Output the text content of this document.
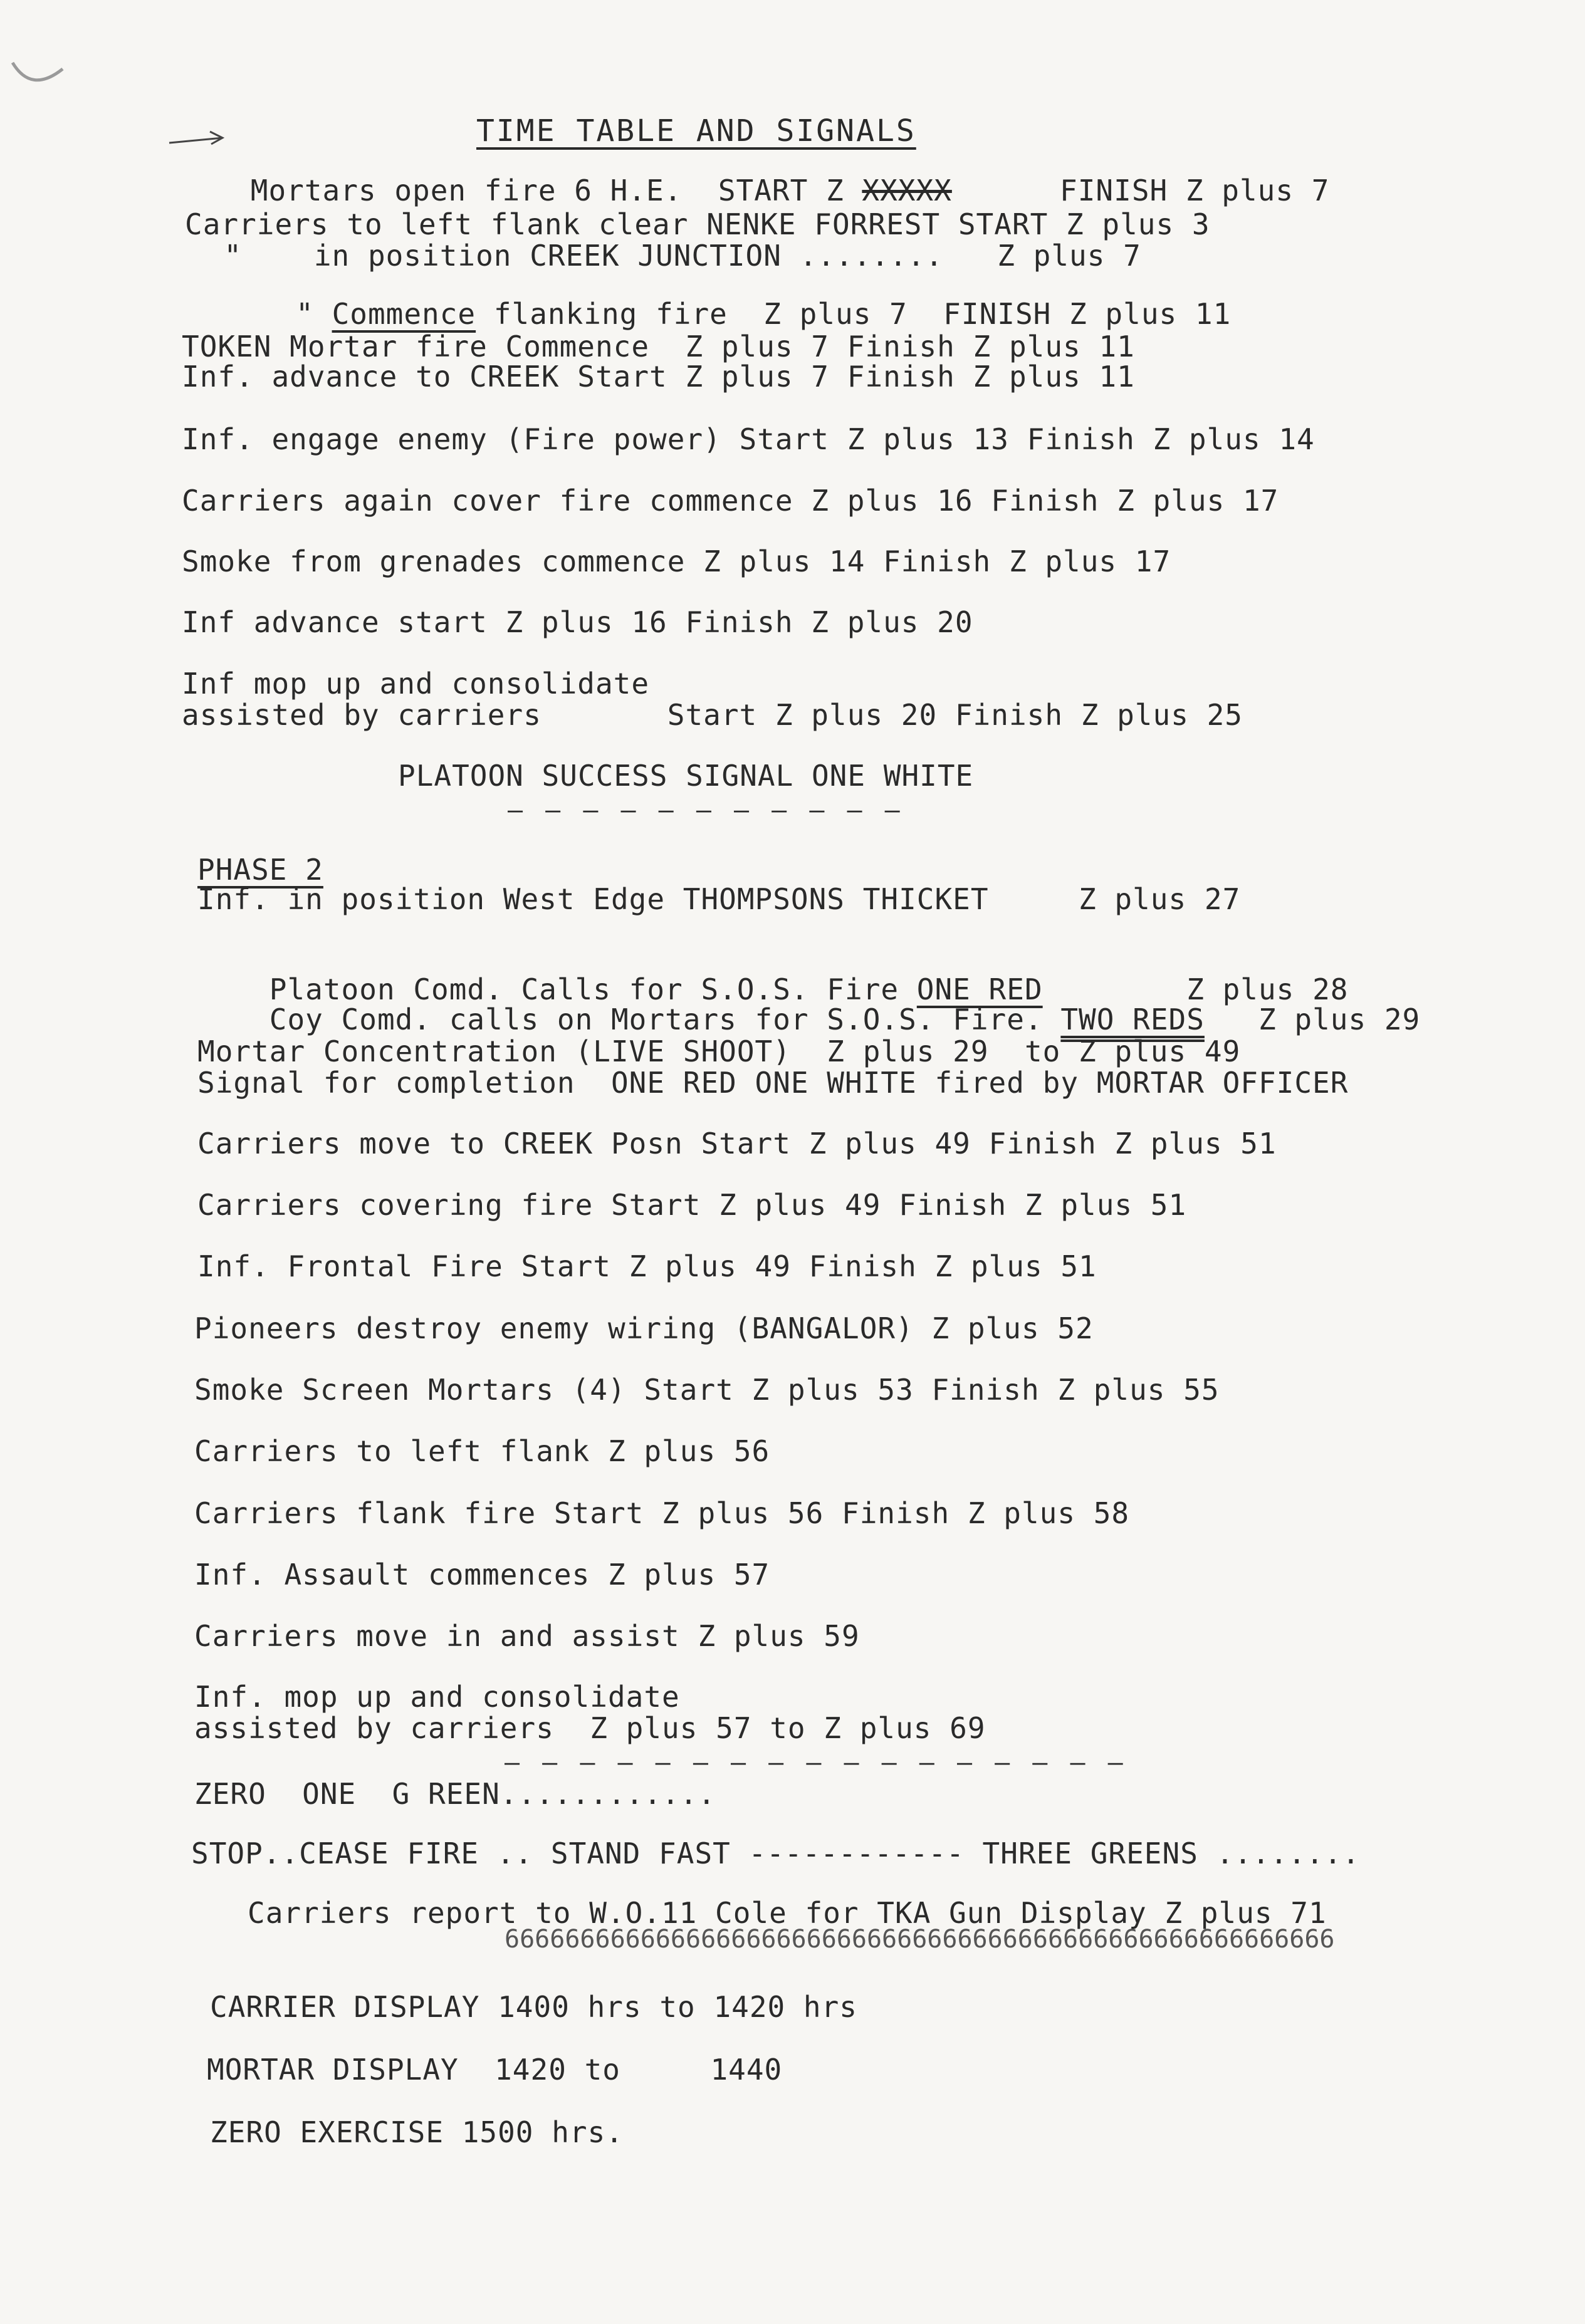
TIME TABLE AND SIGNALS

Mortars open fire 6 H.E.  START Z XXXXX      FINISH Z plus 7

Carriers to left flank clear NENKE FORREST START Z plus 3
"    in position CREEK JUNCTION ........   Z plus 7

" Commence flanking fire  Z plus 7  FINISH Z plus 11

TOKEN Mortar fire Commence  Z plus 7 Finish Z plus 11
Inf. advance to CREEK Start Z plus 7 Finish Z plus 11
Inf. engage enemy (Fire power) Start Z plus 13 Finish Z plus 14
Carriers again cover fire commence Z plus 16 Finish Z plus 17
Smoke from grenades commence Z plus 14 Finish Z plus 17
Inf advance start Z plus 16 Finish Z plus 20
Inf mop up and consolidate
assisted by carriers       Start Z plus 20 Finish Z plus 25
PLATOON SUCCESS SIGNAL ONE WHITE
— — — — — — — — — — —
PHASE 2
Inf. in position West Edge THOMPSONS THICKET     Z plus 27

Platoon Comd. Calls for S.O.S. Fire ONE RED        Z plus 28

Coy Comd. calls on Mortars for S.O.S. Fire. TWO REDS   Z plus 29

Mortar Concentration (LIVE SHOOT)  Z plus 29  to Z plus 49
Signal for completion  ONE RED ONE WHITE fired by MORTAR OFFICER
Carriers move to CREEK Posn Start Z plus 49 Finish Z plus 51
Carriers covering fire Start Z plus 49 Finish Z plus 51
Inf. Frontal Fire Start Z plus 49 Finish Z plus 51
Pioneers destroy enemy wiring (BANGALOR) Z plus 52
Smoke Screen Mortars (4) Start Z plus 53 Finish Z plus 55
Carriers to left flank Z plus 56
Carriers flank fire Start Z plus 56 Finish Z plus 58
Inf. Assault commences Z plus 57
Carriers move in and assist Z plus 59
Inf. mop up and consolidate
assisted by carriers  Z plus 57 to Z plus 69
— — — — — — — — — — — — — — — — —
ZERO  ONE  G REEN............
STOP..CEASE FIRE .. STAND FAST ------------ THREE GREENS ........
Carriers report to W.O.11 Cole for TKA Gun Display Z plus 71
6666666666666666666666666666666666666666666666666666666
CARRIER DISPLAY 1400 hrs to 1420 hrs
MORTAR DISPLAY  1420 to     1440
ZERO EXERCISE 1500 hrs.
